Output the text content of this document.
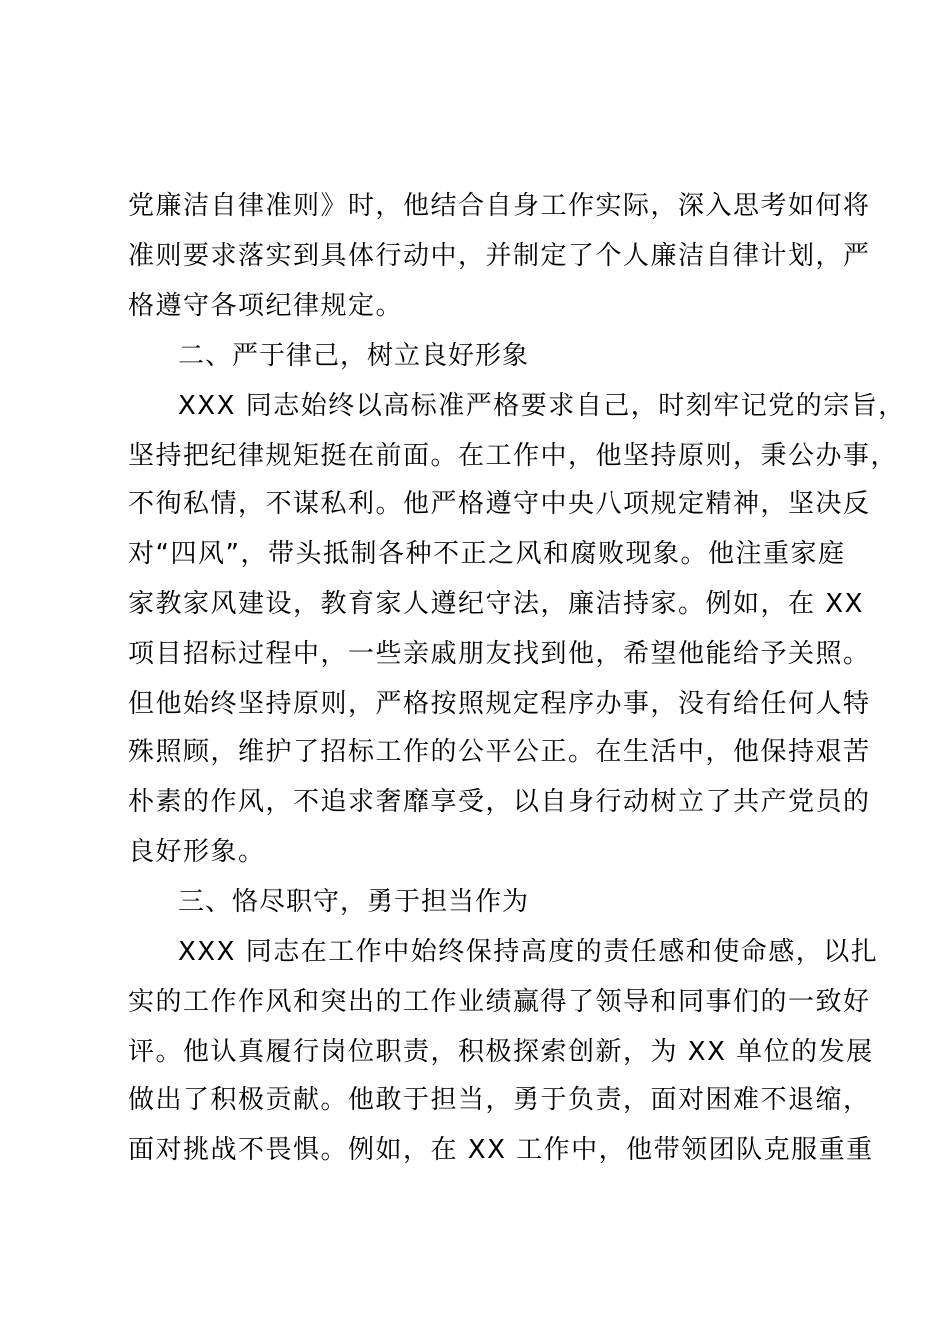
党廉洁自律准则》时，他结合自身工作实际，深入思考如何将
准则要求落实到具体行动中，并制定了个人廉洁自律计划，严
格遵守各项纪律规定。
二、严于律己，树立良好形象
XXX 同志始终以高标准严格要求自己，时刻牢记党的宗旨，
坚持把纪律规矩挺在前面。在工作中，他坚持原则，秉公办事，
不徇私情，不谋私利。他严格遵守中央八项规定精神，坚决反
对“四风”，带头抵制各种不正之风和腐败现象。他注重家庭
家教家风建设，教育家人遵纪守法，廉洁持家。例如，在 XX
项目招标过程中，一些亲戚朋友找到他，希望他能给予关照。
但他始终坚持原则，严格按照规定程序办事，没有给任何人特
殊照顾，维护了招标工作的公平公正。在生活中，他保持艰苦
朴素的作风，不追求奢靡享受，以自身行动树立了共产党员的
良好形象。
三、恪尽职守，勇于担当作为
XXX 同志在工作中始终保持高度的责任感和使命感，以扎
实的工作作风和突出的工作业绩赢得了领导和同事们的一致好
评。他认真履行岗位职责，积极探索创新，为 XX 单位的发展
做出了积极贡献。他敢于担当，勇于负责，面对困难不退缩，
面对挑战不畏惧。例如，在 XX 工作中，他带领团队克服重重
